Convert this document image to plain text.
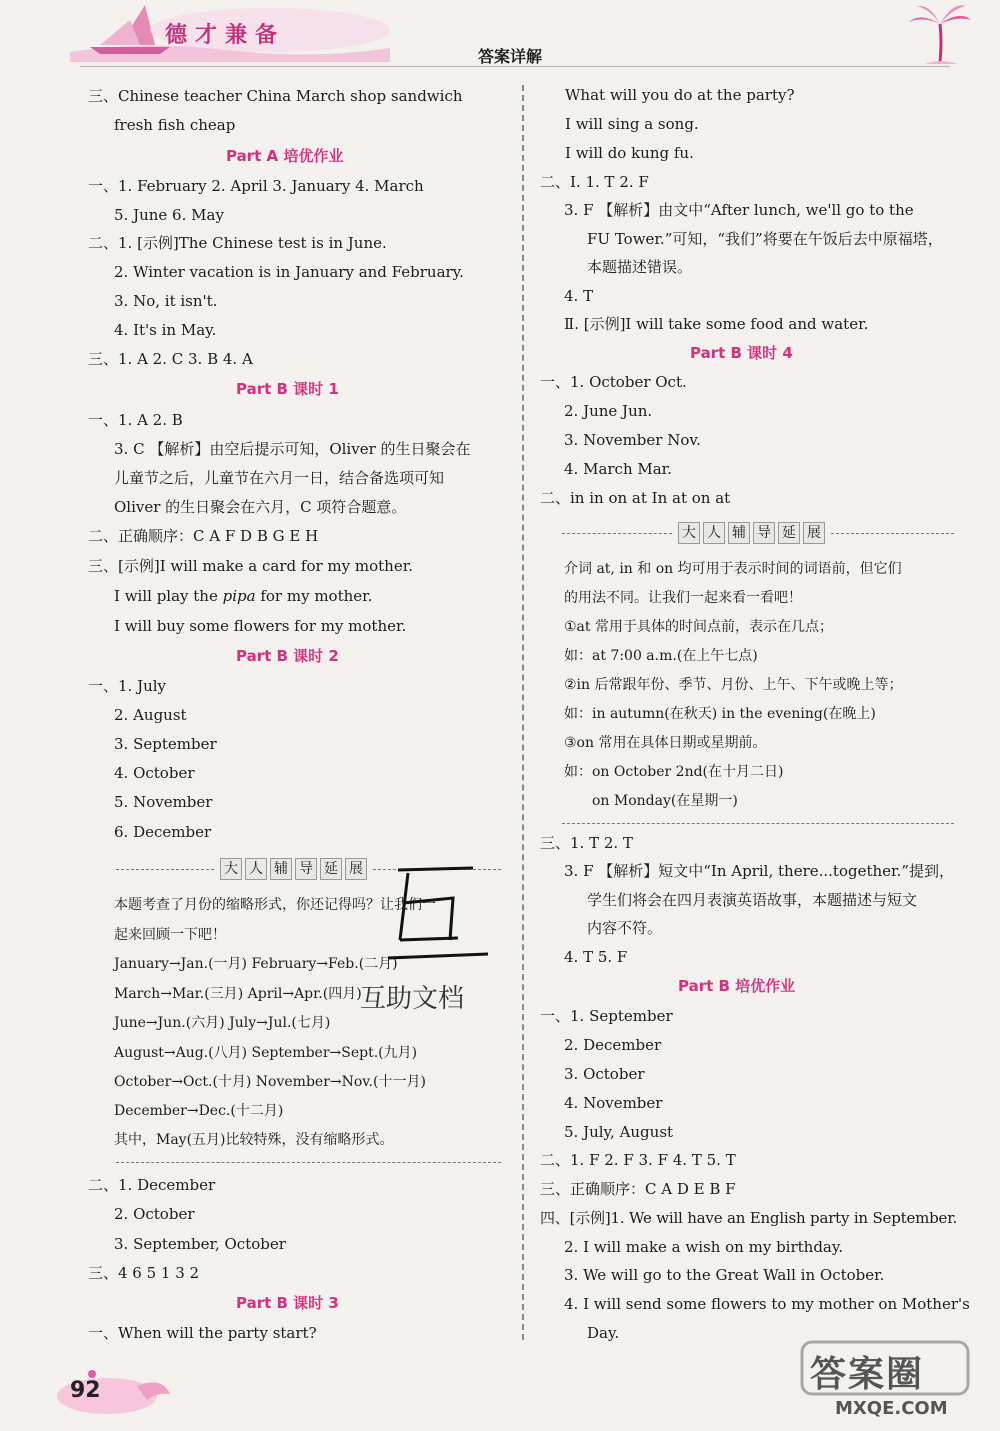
德才兼备
答案详解
三、Chinese teacher China March shop sandwich
fresh fish cheap
Part A 培优作业
一、1. February 2. April 3. January 4. March
5. June 6. May
二、1. [示例]The Chinese test is in June.
2. Winter vacation is in January and February.
3. No, it isn't.
4. It's in May.
三、1. A 2. C 3. B 4. A
Part B 课时 1
一、1. A 2. B
3. C 【解析】由空后提示可知，Oliver 的生日聚会在
儿童节之后，儿童节在六月一日，结合备选项可知
Oliver 的生日聚会在六月，C 项符合题意。
二、正确顺序：C A F D B G E H
三、[示例]I will make a card for my mother.
I will play the pipa for my mother.
I will buy some flowers for my mother.
Part B 课时 2
一、1. July
2. August
3. September
4. October
5. November
6. December
大 人 辅 导 延 展
本题考查了月份的缩略形式，你还记得吗？让我们一
起来回顾一下吧！
January→Jan.(一月) February→Feb.(二月)
March→Mar.(三月) April→Apr.(四月)
June→Jun.(六月) July→Jul.(七月)
August→Aug.(八月) September→Sept.(九月)
October→Oct.(十月) November→Nov.(十一月)
December→Dec.(十二月)
其中，May(五月)比较特殊，没有缩略形式。
二、1. December
2. October
3. September, October
三、4 6 5 1 3 2
Part B 课时 3
一、When will the party start?
What will you do at the party?
I will sing a song.
I will do kung fu.
二、Ⅰ. 1. T 2. F
3. F 【解析】由文中“After lunch, we'll go to the
FU Tower.”可知，“我们”将要在午饭后去中原福塔，
本题描述错误。
4. T
Ⅱ. [示例]I will take some food and water.
Part B 课时 4
一、1. October Oct.
2. June Jun.
3. November Nov.
4. March Mar.
二、in in on at In at on at
大 人 辅 导 延 展
介词 at, in 和 on 均可用于表示时间的词语前，但它们
的用法不同。让我们一起来看一看吧！
①at 常用于具体的时间点前，表示在几点；
如：at 7:00 a.m.(在上午七点)
②in 后常跟年份、季节、月份、上午、下午或晚上等；
如：in autumn(在秋天) in the evening(在晚上)
③on 常用在具体日期或星期前。
如：on October 2nd(在十月二日)
on Monday(在星期一)
三、1. T 2. T
3. F 【解析】短文中“In April, there...together.”提到，
学生们将会在四月表演英语故事，本题描述与短文
内容不符。
4. T 5. F
Part B 培优作业
一、1. September
2. December
3. October
4. November
5. July, August
二、1. F 2. F 3. F 4. T 5. T
三、正确顺序：C A D E B F
四、[示例]1. We will have an English party in September.
2. I will make a wish on my birthday.
3. We will go to the Great Wall in October.
4. I will send some flowers to my mother on Mother's
Day.
互助文档
92	答案圈
MXQE.COM
